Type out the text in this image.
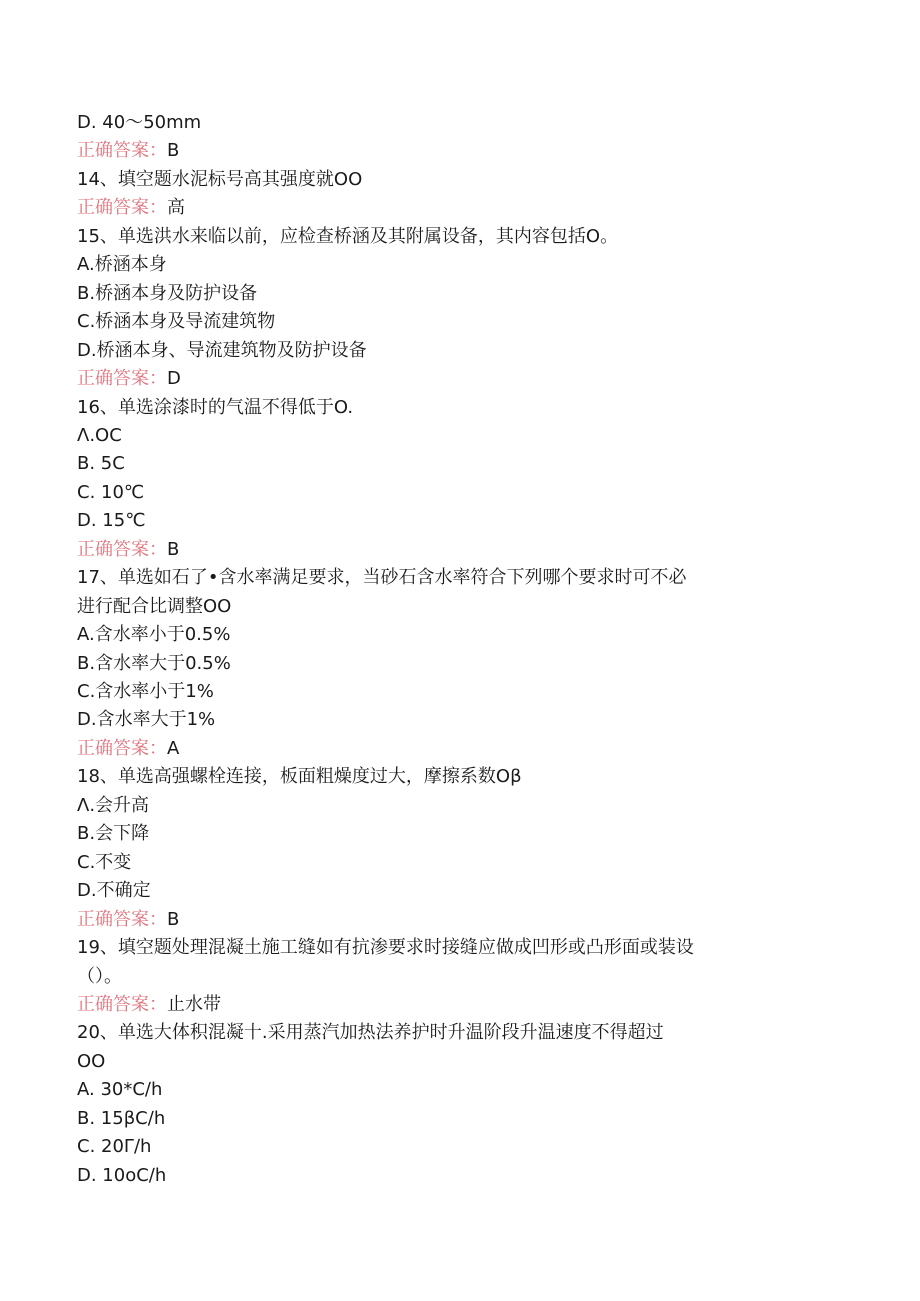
D. 40〜50mm
正确答案：B
14、填空题水泥标号高其强度就OO
正确答案：高
15、单选洪水来临以前，应检查桥涵及其附属设备，其内容包括O。
A.桥涵本身
B.桥涵本身及防护设备
C.桥涵本身及导流建筑物
D.桥涵本身、导流建筑物及防护设备
正确答案：D
16、单选涂漆时的气温不得低于O.
Λ.OC
B. 5C
C. 10℃
D. 15℃
正确答案：B
17、单选如石了•含水率满足要求，当砂石含水率符合下列哪个要求时可不必
进行配合比调整OO
A.含水率小于0.5%
B.含水率大于0.5%
C.含水率小于1%
D.含水率大于1%
正确答案：A
18、单选高强螺栓连接，板面粗燥度过大，摩擦系数Oβ
Λ.会升高
B.会下降
C.不变
D.不确定
正确答案：B
19、填空题处理混凝土施工缝如有抗渗要求时接缝应做成凹形或凸形面或装设
（）。
正确答案：止水带
20、单选大体积混凝十.采用蒸汽加热法养护时升温阶段升温速度不得超过
OO
A. 30*C∕h
B. 15βC∕h
C. 20Γ∕h
D. 10oC∕h
